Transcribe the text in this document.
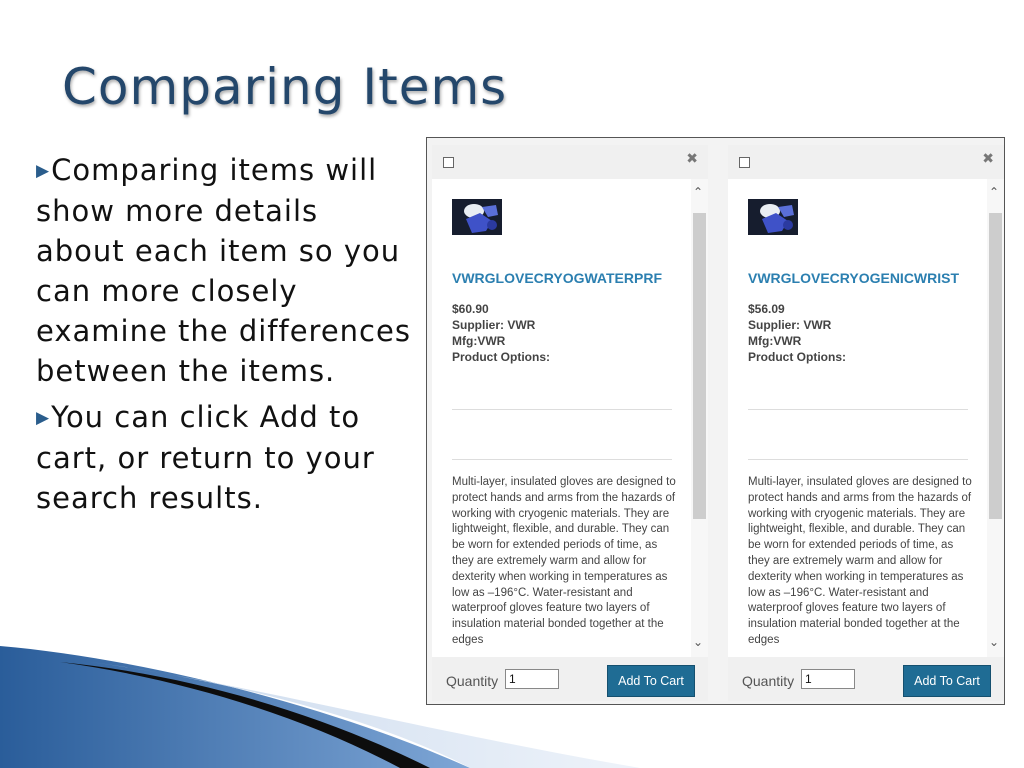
Comparing Items
▶Comparing items will show more details about each item so you can more closely examine the differences between the items.
▶You can click Add to cart, or return to your search results.
✖
VWRGLOVECRYOGWATERPRF
$60.90
Supplier: VWR
Mfg:VWR
Product Options:
Multi-layer, insulated gloves are designed to protect hands and arms from the hazards of working with cryogenic materials. They are lightweight, flexible, and durable. They can be worn for extended periods of time, as they are extremely warm and allow for dexterity when working in temperatures as low as –196°C. Water-resistant and waterproof gloves feature two layers of insulation material bonded together at the edges
⌃
⌄
Quantity
1	Add To Cart
✖
VWRGLOVECRYOGENICWRIST
$56.09
Supplier: VWR
Mfg:VWR
Product Options:
Multi-layer, insulated gloves are designed to protect hands and arms from the hazards of working with cryogenic materials. They are lightweight, flexible, and durable. They can be worn for extended periods of time, as they are extremely warm and allow for dexterity when working in temperatures as low as –196°C. Water-resistant and waterproof gloves feature two layers of insulation material bonded together at the edges
⌃
⌄
Quantity
1	Add To Cart
